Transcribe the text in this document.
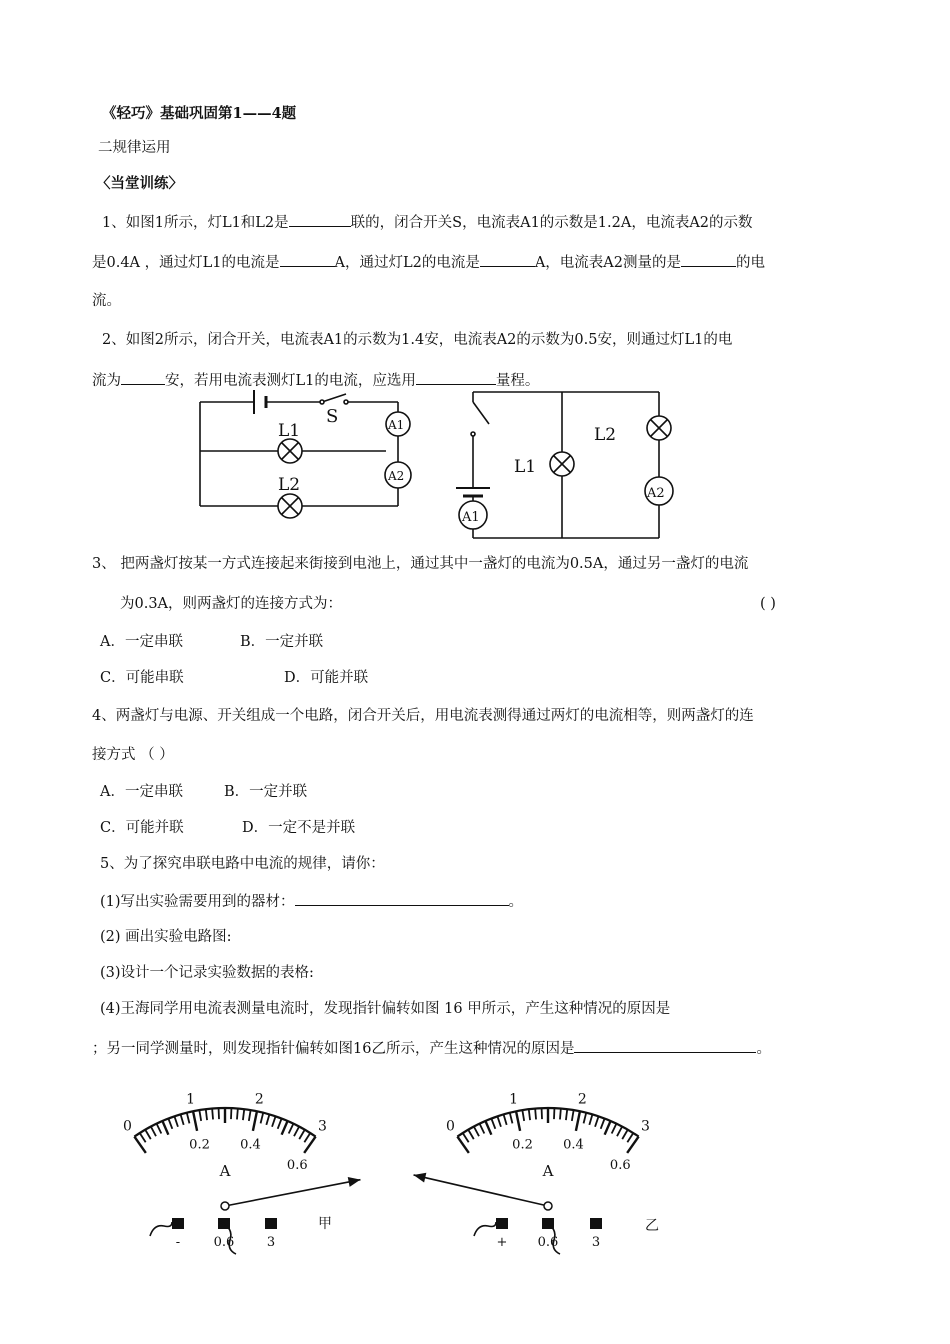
《轻巧》基础巩固第1——4题
二规律运用
〈当堂训练〉
1、如图1所示，灯L1和L2是	联的，闭合开关S，电流表A1的示数是1.2A，电流表A2的示数
是0.4A ，通过灯L1的电流是	A，通过灯L2的电流是	A，电流表A2测量的是	的电
流。
2、如图2所示，闭合开关，电流表A1的示数为1.4安，电流表A2的示数为0.5安，则通过灯L1的电
流为	安，若用电流表测灯L1的电流，应选用	量程。
S
L1
L2
A1
A2	L1
L2
A1
A2
3、 把两盏灯按某一方式连接起来街接到电池上，通过其中一盏灯的电流为0.5A，通过另一盏灯的电流
为0.3A，则两盏灯的连接方式为：	( )
A．一定串联	B．一定并联
C．可能串联	D．可能并联
4、两盏灯与电源、开关组成一个电路，闭合开关后，用电流表测得通过两灯的电流相等，则两盏灯的连
接方式 （ ）
A．一定串联	B．一定并联
C．可能并联	D．一定不是并联
5、为了探究串联电路中电流的规律，请你：
(1)写出实验需要用到的器材：	。
(2) 画出实验电路图:
(3)设计一个记录实验数据的表格:
(4)王海同学用电流表测量电流时，发现指针偏转如图 16 甲所示，产生这种情况的原因是
；另一同学测量时，则发现指针偏转如图16乙所示，产生这种情况的原因是	。
0
1	2
3
0.2 0.4
0.6
A
-	0.6	3
0
1	2
3
0.2 0.4
0.6
A
+ 0.6	3
甲	乙
